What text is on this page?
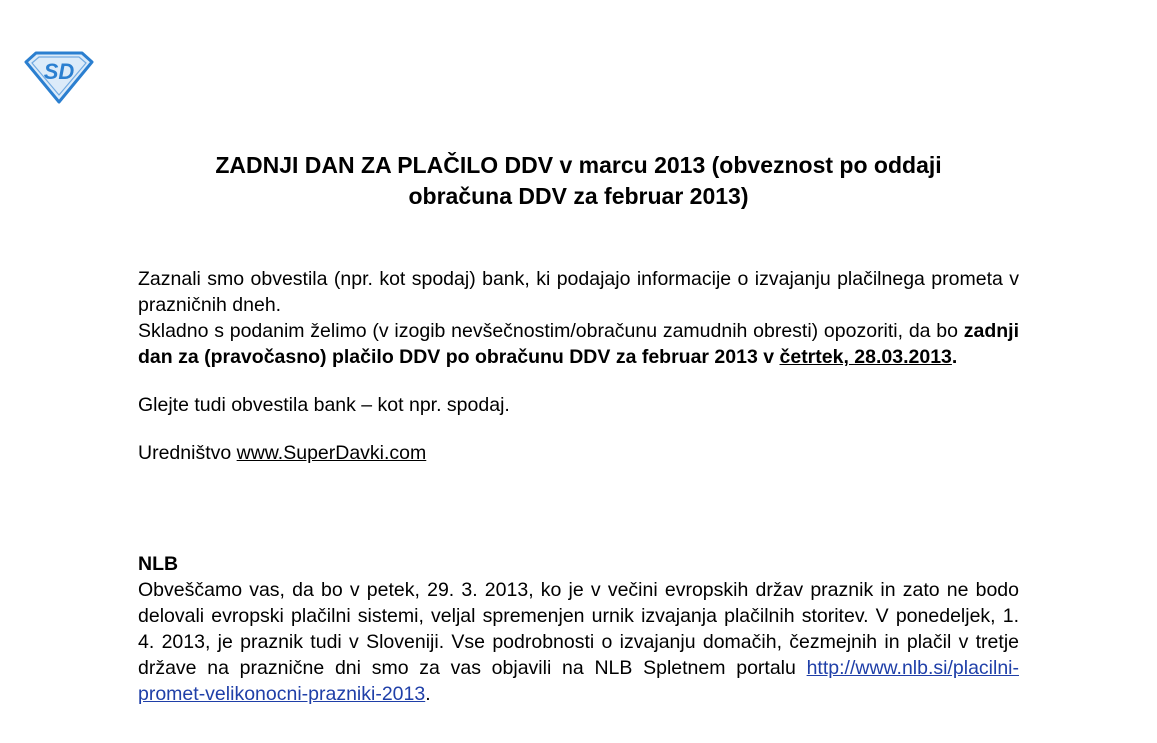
SD
ZADNJI DAN ZA PLAČILO DDV v marcu 2013 (obveznost po oddaji
obračuna DDV za februar 2013)

Zaznali smo obvestila (npr. kot spodaj) bank, ki podajajo informacije o izvajanju plačilnega prometa v prazničnih dneh.

Skladno s podanim želimo (v izogib nevšečnostim/obračunu zamudnih obresti) opozoriti, da bo zadnji dan za (pravočasno) plačilo DDV po obračunu DDV za februar 2013 v četrtek, 28.03.2013.

Glejte tudi obvestila bank – kot npr. spodaj.

Uredništvo www.SuperDavki.com

NLB

Obveščamo vas, da bo v petek, 29. 3. 2013, ko je v večini evropskih držav praznik in zato ne bodo delovali evropski plačilni sistemi, veljal spremenjen urnik izvajanja plačilnih storitev. V ponedeljek, 1. 4. 2013, je praznik tudi v Sloveniji. Vse podrobnosti o izvajanju domačih, čezmejnih in plačil v tretje države na praznične dni smo za vas objavili na NLB Spletnem portalu http://www.nlb.si/placilni-promet-velikonocni-prazniki-2013.
